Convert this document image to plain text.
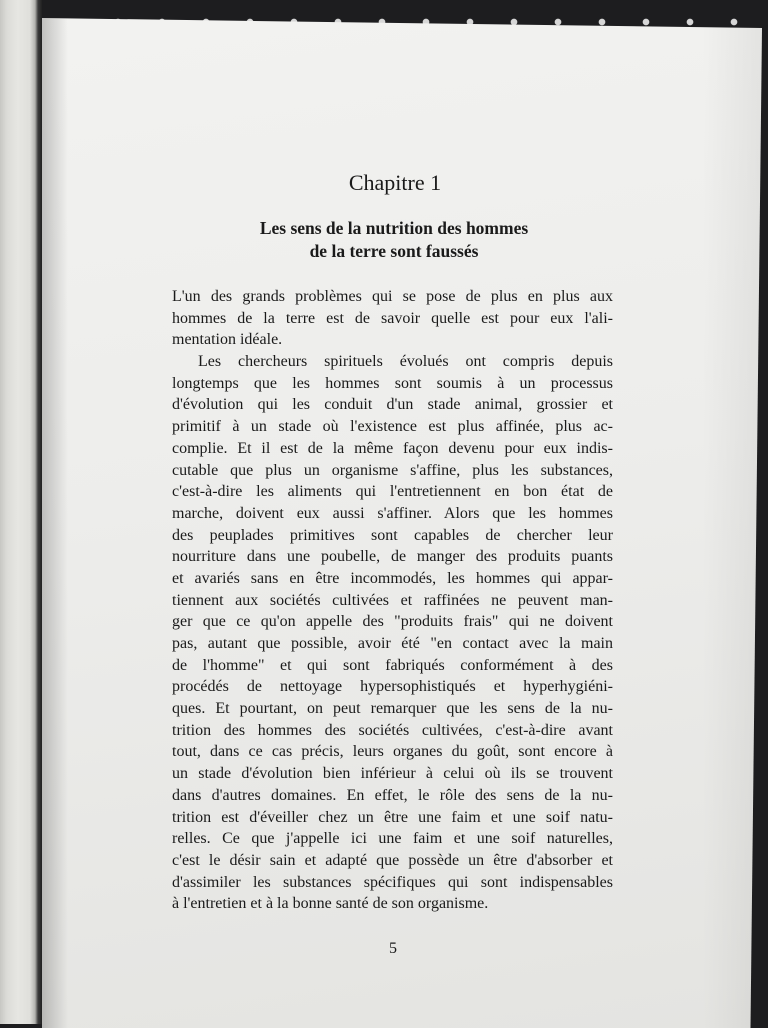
Chapitre 1
Les sens de la nutrition des hommes
de la terre sont faussés
L'un des grands problèmes qui se pose de plus en plus aux
hommes de la terre est de savoir quelle est pour eux l'ali-
mentation idéale.
Les chercheurs spirituels évolués ont compris depuis
longtemps que les hommes sont soumis à un processus
d'évolution qui les conduit d'un stade animal, grossier et
primitif à un stade où l'existence est plus affinée, plus ac-
complie. Et il est de la même façon devenu pour eux indis-
cutable que plus un organisme s'affine, plus les substances,
c'est-à-dire les aliments qui l'entretiennent en bon état de
marche, doivent eux aussi s'affiner. Alors que les hommes
des peuplades primitives sont capables de chercher leur
nourriture dans une poubelle, de manger des produits puants
et avariés sans en être incommodés, les hommes qui appar-
tiennent aux sociétés cultivées et raffinées ne peuvent man-
ger que ce qu'on appelle des "produits frais" qui ne doivent
pas, autant que possible, avoir été "en contact avec la main
de l'homme" et qui sont fabriqués conformément à des
procédés de nettoyage hypersophistiqués et hyperhygiéni-
ques. Et pourtant, on peut remarquer que les sens de la nu-
trition des hommes des sociétés cultivées, c'est-à-dire avant
tout, dans ce cas précis, leurs organes du goût, sont encore à
un stade d'évolution bien inférieur à celui où ils se trouvent
dans d'autres domaines. En effet, le rôle des sens de la nu-
trition est d'éveiller chez un être une faim et une soif natu-
relles. Ce que j'appelle ici une faim et une soif naturelles,
c'est le désir sain et adapté que possède un être d'absorber et
d'assimiler les substances spécifiques qui sont indispensables
à l'entretien et à la bonne santé de son organisme.
5
